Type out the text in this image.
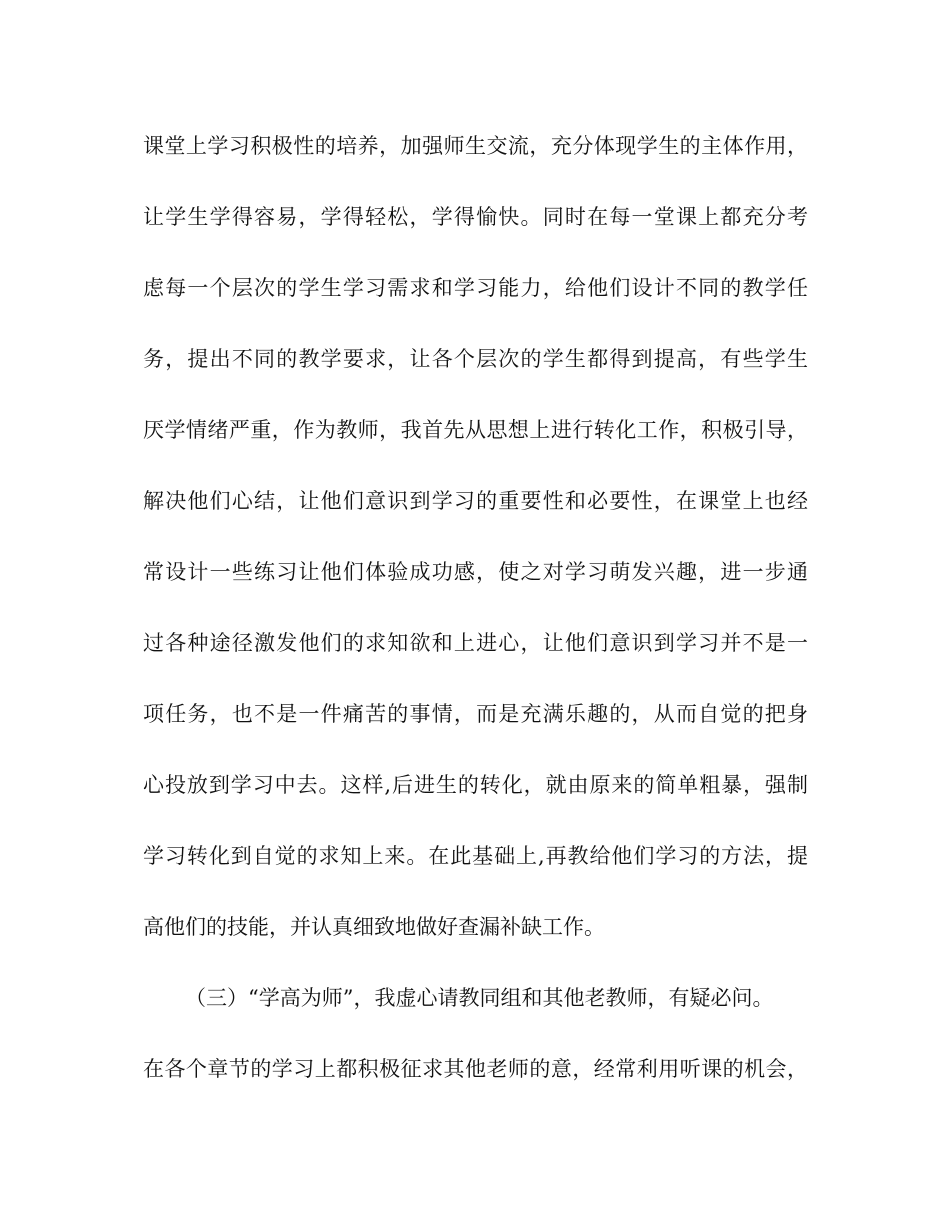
课堂上学习积极性的培养，加强师生交流，充分体现学生的主体作用，
让学生学得容易，学得轻松，学得愉快。同时在每一堂课上都充分考
虑每一个层次的学生学习需求和学习能力，给他们设计不同的教学任
务，提出不同的教学要求，让各个层次的学生都得到提高，有些学生
厌学情绪严重，作为教师，我首先从思想上进行转化工作，积极引导，
解决他们心结，让他们意识到学习的重要性和必要性，在课堂上也经
常设计一些练习让他们体验成功感，使之对学习萌发兴趣，进一步通
过各种途径激发他们的求知欲和上进心，让他们意识到学习并不是一
项任务，也不是一件痛苦的事情，而是充满乐趣的，从而自觉的把身
心投放到学习中去。这样,后进生的转化，就由原来的简单粗暴，强制
学习转化到自觉的求知上来。在此基础上,再教给他们学习的方法，提
高他们的技能，并认真细致地做好查漏补缺工作。
（三）“学高为师”，我虚心请教同组和其他老教师，有疑必问。
在各个章节的学习上都积极征求其他老师的意，经常利用听课的机会，
